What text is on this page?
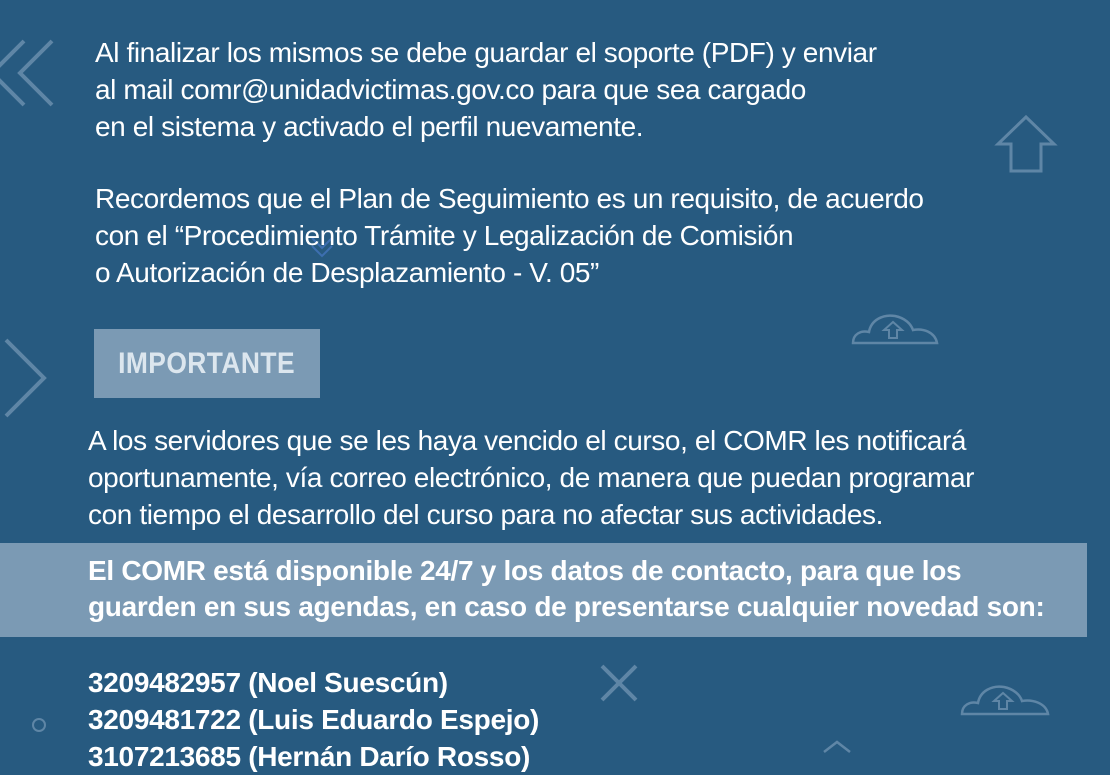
Al finalizar los mismos se debe guardar el soporte (PDF) y enviar
al mail comr@unidadvictimas.gov.co para que sea cargado
en el sistema y activado el perfil nuevamente.

Recordemos que el Plan de Seguimiento es un requisito, de acuerdo
con el “Procedimiento Trámite y Legalización de Comisión
o Autorización de Desplazamiento - V. 05”

IMPORTANTE

A los servidores que se les haya vencido el curso, el COMR les notificará
oportunamente, vía correo electrónico, de manera que puedan programar
con tiempo el desarrollo del curso para no afectar sus actividades.

El COMR está disponible 24/7 y los datos de contacto, para que los
guarden en sus agendas, en caso de presentarse cualquier novedad son:

3209482957 (Noel Suescún)
3209481722 (Luis Eduardo Espejo)
3107213685 (Hernán Darío Rosso)
